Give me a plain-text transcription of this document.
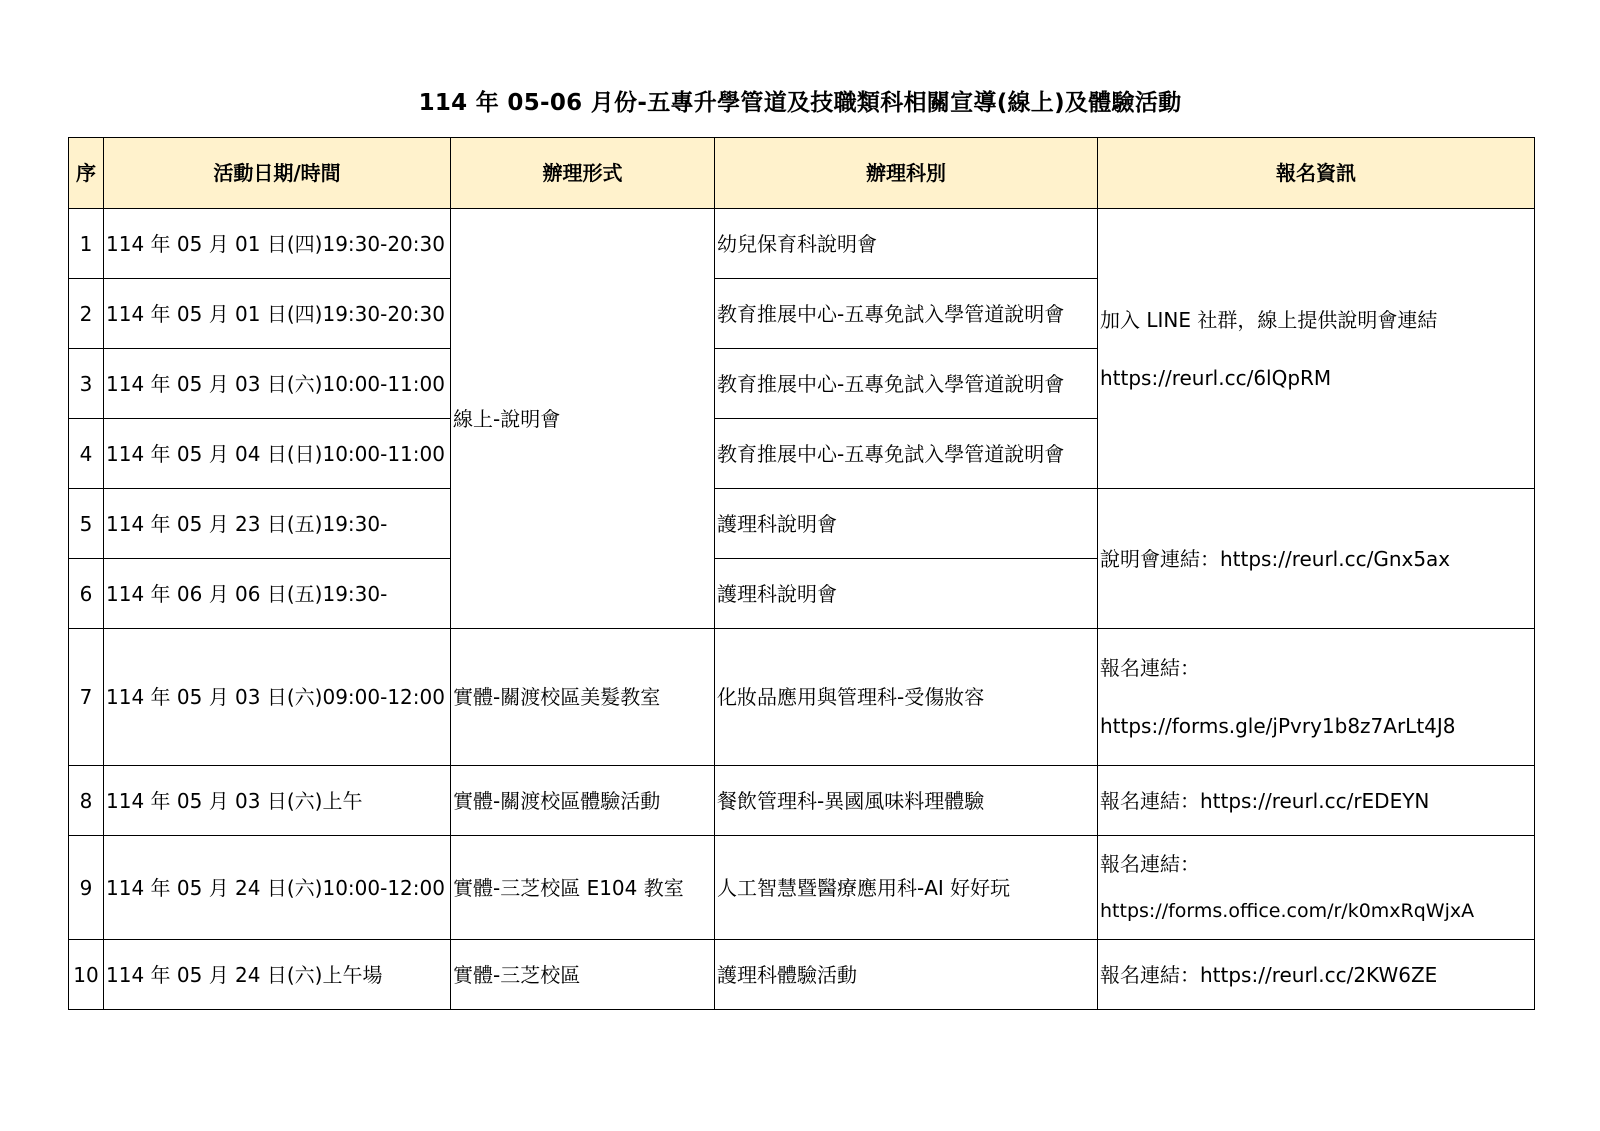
114 年 05-06 月份-五專升學管道及技職類科相關宣導(線上)及體驗活動
序	活動日期/時間	辦理形式	辦理科別	報名資訊
1	114 年 05 月 01 日(四)19:30-20:30	線上-說明會	幼兒保育科說明會	加入 LINE 社群，線上提供說明會連結
https://reurl.cc/6lQpRM

2	114 年 05 月 01 日(四)19:30-20:30		教育推展中心-五專免試入學管道說明會	
3	114 年 05 月 03 日(六)10:00-11:00		教育推展中心-五專免試入學管道說明會	
4	114 年 05 月 04 日(日)10:00-11:00		教育推展中心-五專免試入學管道說明會	
5	114 年 05 月 23 日(五)19:30-		護理科說明會	說明會連結：https://reurl.cc/Gnx5ax
6	114 年 06 月 06 日(五)19:30-		護理科說明會	
7	114 年 05 月 03 日(六)09:00-12:00	實體-關渡校區美髮教室	化妝品應用與管理科-受傷妝容	報名連結：
https://forms.gle/jPvry1b8z7ArLt4J8

8	114 年 05 月 03 日(六)上午	實體-關渡校區體驗活動	餐飲管理科-異國風味料理體驗	報名連結：https://reurl.cc/rEDEYN
9	114 年 05 月 24 日(六)10:00-12:00	實體-三芝校區 E104 教室	人工智慧暨醫療應用科-AI 好好玩	報名連結：
https://forms.office.com/r/k0mxRqWjxA

10	114 年 05 月 24 日(六)上午場	實體-三芝校區	護理科體驗活動	報名連結：https://reurl.cc/2KW6ZE
